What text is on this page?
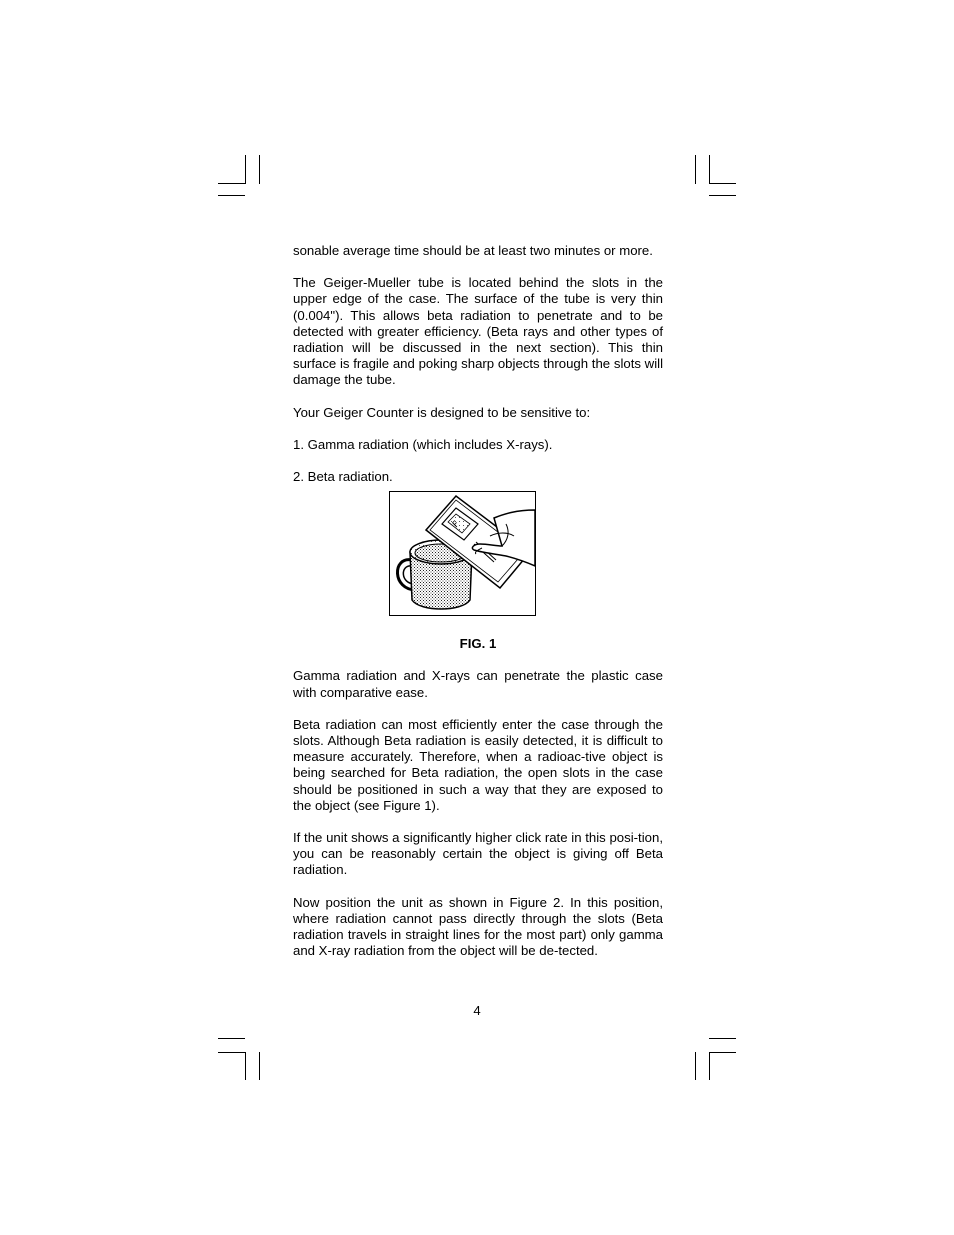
sonable average time should be at least two minutes or more.

The Geiger-Mueller tube is located behind the slots in the upper edge of the case. The surface of the tube is very thin (0.004"). This allows beta radiation to penetrate and to be detected with greater efficiency. (Beta rays and other types of radiation will be discussed in the next section). This thin surface is fragile and poking sharp objects through the slots will damage the tube.

Your Geiger Counter is designed to be sensitive to:

1. Gamma radiation (which includes X-rays).

2. Beta radiation.

F
FIG. 1

Gamma radiation and X-rays can penetrate the plastic case with comparative ease.

Beta radiation can most efficiently enter the case through the slots. Although Beta radiation is easily detected, it is difficult to measure accurately. Therefore, when a radioac-tive object is being searched for Beta radiation, the open slots in the case should be positioned in such a way that they are exposed to the object (see Figure 1).

If the unit shows a significantly higher click rate in this posi-tion, you can be reasonably certain the object is giving off Beta radiation.

Now position the unit as shown in Figure 2. In this position, where radiation cannot pass directly through the slots (Beta radiation travels in straight lines for the most part) only gamma and X-ray radiation from the object will be de-tected.

4
